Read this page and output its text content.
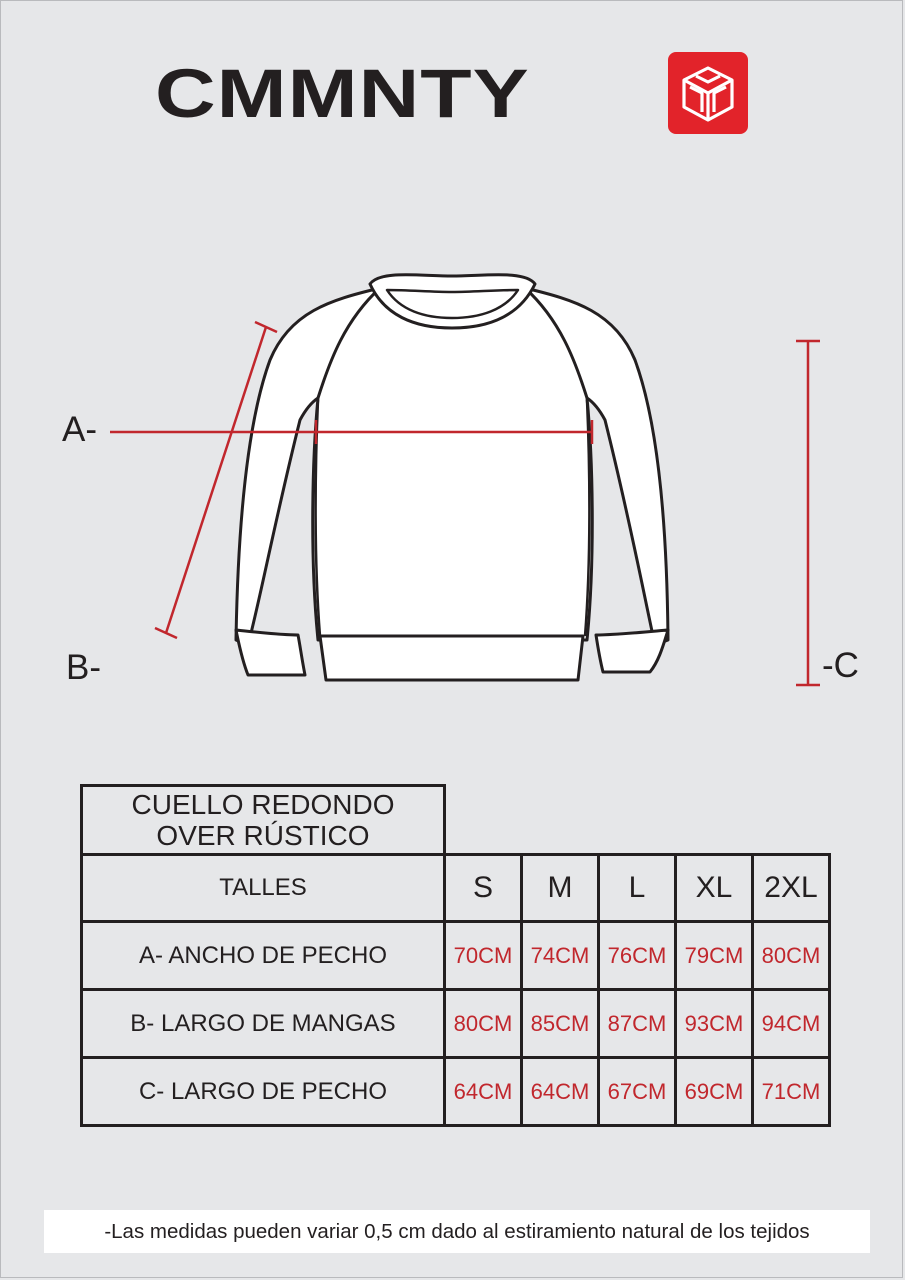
CMMNTY
A-
B-	-C
CUELLO REDONDO
OVER RÚSTICO					

TALLES	S	M	L	XL	2XL
A- ANCHO DE PECHO	70CM	74CM	76CM	79CM	80CM
B- LARGO DE MANGAS	80CM	85CM	87CM	93CM	94CM
C- LARGO DE PECHO	64CM	64CM	67CM	69CM	71CM
-Las medidas pueden variar 0,5 cm dado al estiramiento natural de los tejidos
